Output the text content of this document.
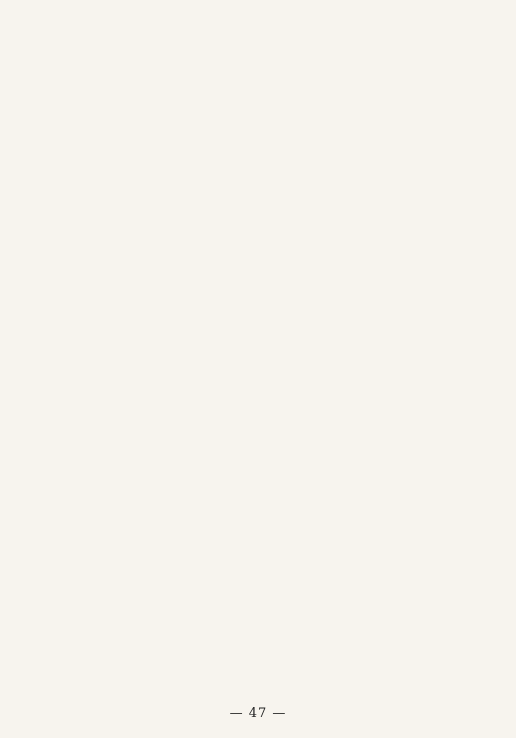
— 47 —
